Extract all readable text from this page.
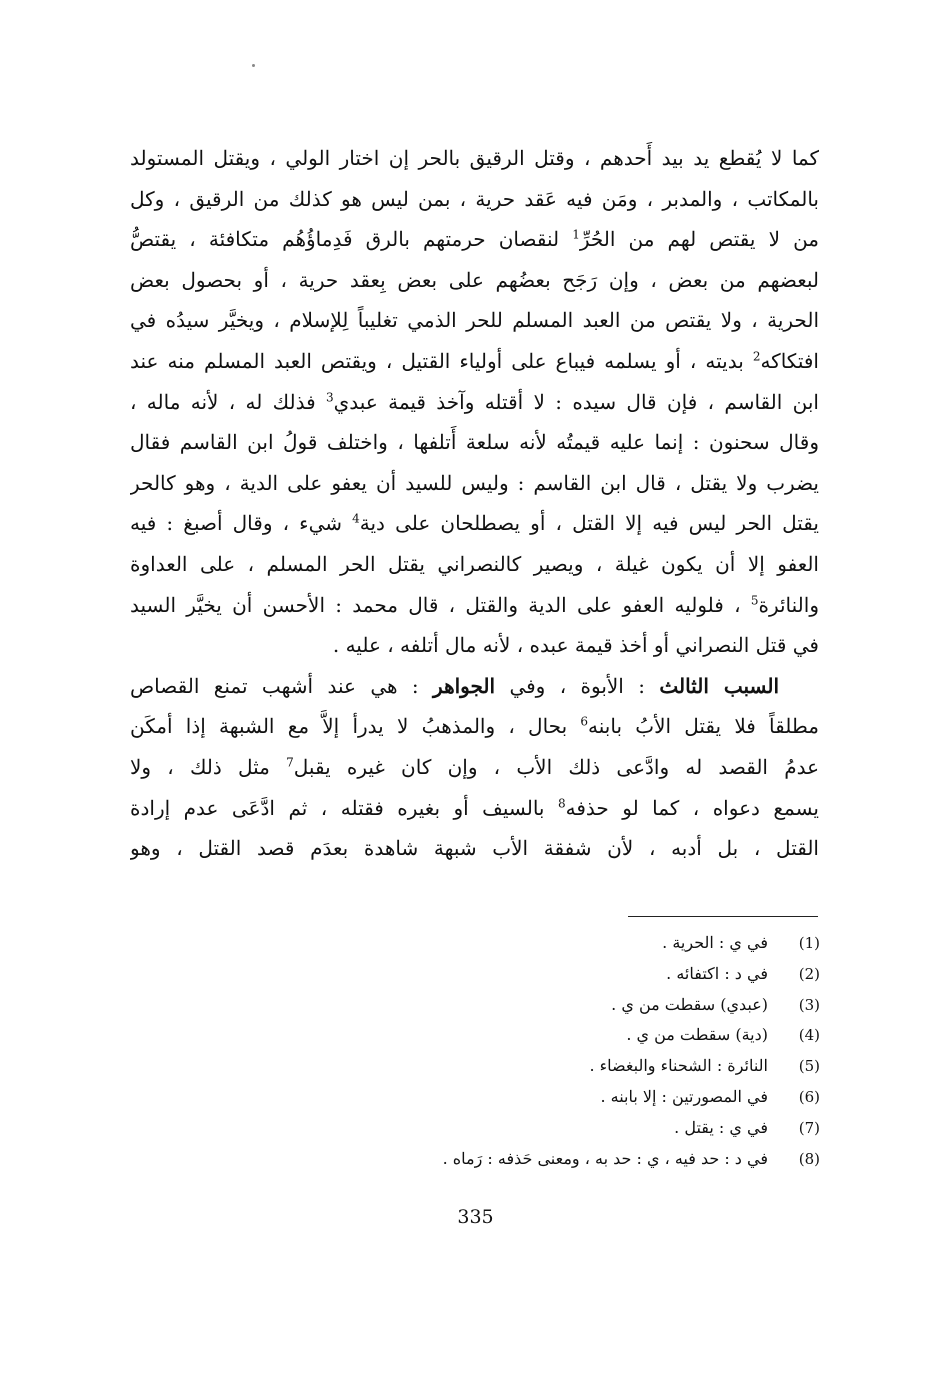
كما لا يُقطع يد بيد أَحدهم ، وقتل الرقيق بالحر إن اختار الولي ، ويقتل المستولد
بالمكاتب ، والمدبر ، ومَن فيه عَقد حرية ، بمن ليس هو كذلك من الرقيق ، وكل
من لا يقتص لهم من الحُرِّ$^1$ لنقصان حرمتهم بالرق فَدِماؤُهُم متكافئة ، يقتصُّ
لبعضهم من بعض ، وإن رَجَح بعضُهم على بعض بِعقد حرية ، أو بحصول بعض
الحرية ، ولا يقتص من العبد المسلم للحر الذمي تغليباً لِلإسلام ، ويخيَّر سيدُه في
افتكاكه$^2$ بديته ، أو يسلمه فيباع على أولياء القتيل ، ويقتص العبد المسلم منه عند
ابن القاسم ، فإن قال سيده : لا أقتله وآخذ قيمة عبدي$^3$ فذلك له ، لأنه ماله ،
وقال سحنون : إنما عليه قيمتُه لأنه سلعة أَتلفها ، واختلف قولُ ابن القاسم فقال
يضرب ولا يقتل ، قال ابن القاسم : وليس للسيد أن يعفو على الدية ، وهو كالحر
يقتل الحر ليس فيه إلا القتل ، أو يصطلحان على دية$^4$ شيء ، وقال أصبغ : فيه
العفو إلا أن يكون غيلة ، ويصير كالنصراني يقتل الحر المسلم ، على العداوة
والنائرة$^5$ ، فلوليه العفو على الدية والقتل ، قال محمد : الأحسن أن يخيَّر السيد
في قتل النصراني أو أخذ قيمة عبده ، لأنه مال أتلفه ، عليه .
السبب الثالث : الأبوة ، وفي الجواهر : هي عند أشهب تمنع القصاص
مطلقاً فلا يقتل الأبُ بابنه$^6$ بحال ، والمذهبُ لا يدرأ إلاَّ مع الشبهة إذا أمكَن
عدمُ القصد له وادَّعى ذلك الأب ، وإن كان غيره يقبل$^7$ مثل ذلك ، ولا
يسمع دعواه ، كما لو حذفه$^8$ بالسيف أو بغيره فقتله ، ثم ادَّعَى عدم إرادة
القتل ، بل أدبه ، لأن شفقة الأب شبهة شاهدة بعدَم قصد القتل ، وهو
(1)
في ي : الحرية .
(2)
في د : اكتفائه .
(3)
(عبدي) سقطت من ي .
(4)
(دية) سقطت من ي .
(5)
النائرة : الشحناء والبغضاء .
(6)
في المصورتين : إلا بابنه .
(7)
في ي : يقتل .
(8)
في د : حد فيه ، ي : حد به ، ومعنى حَذفه : رَماه .
335
